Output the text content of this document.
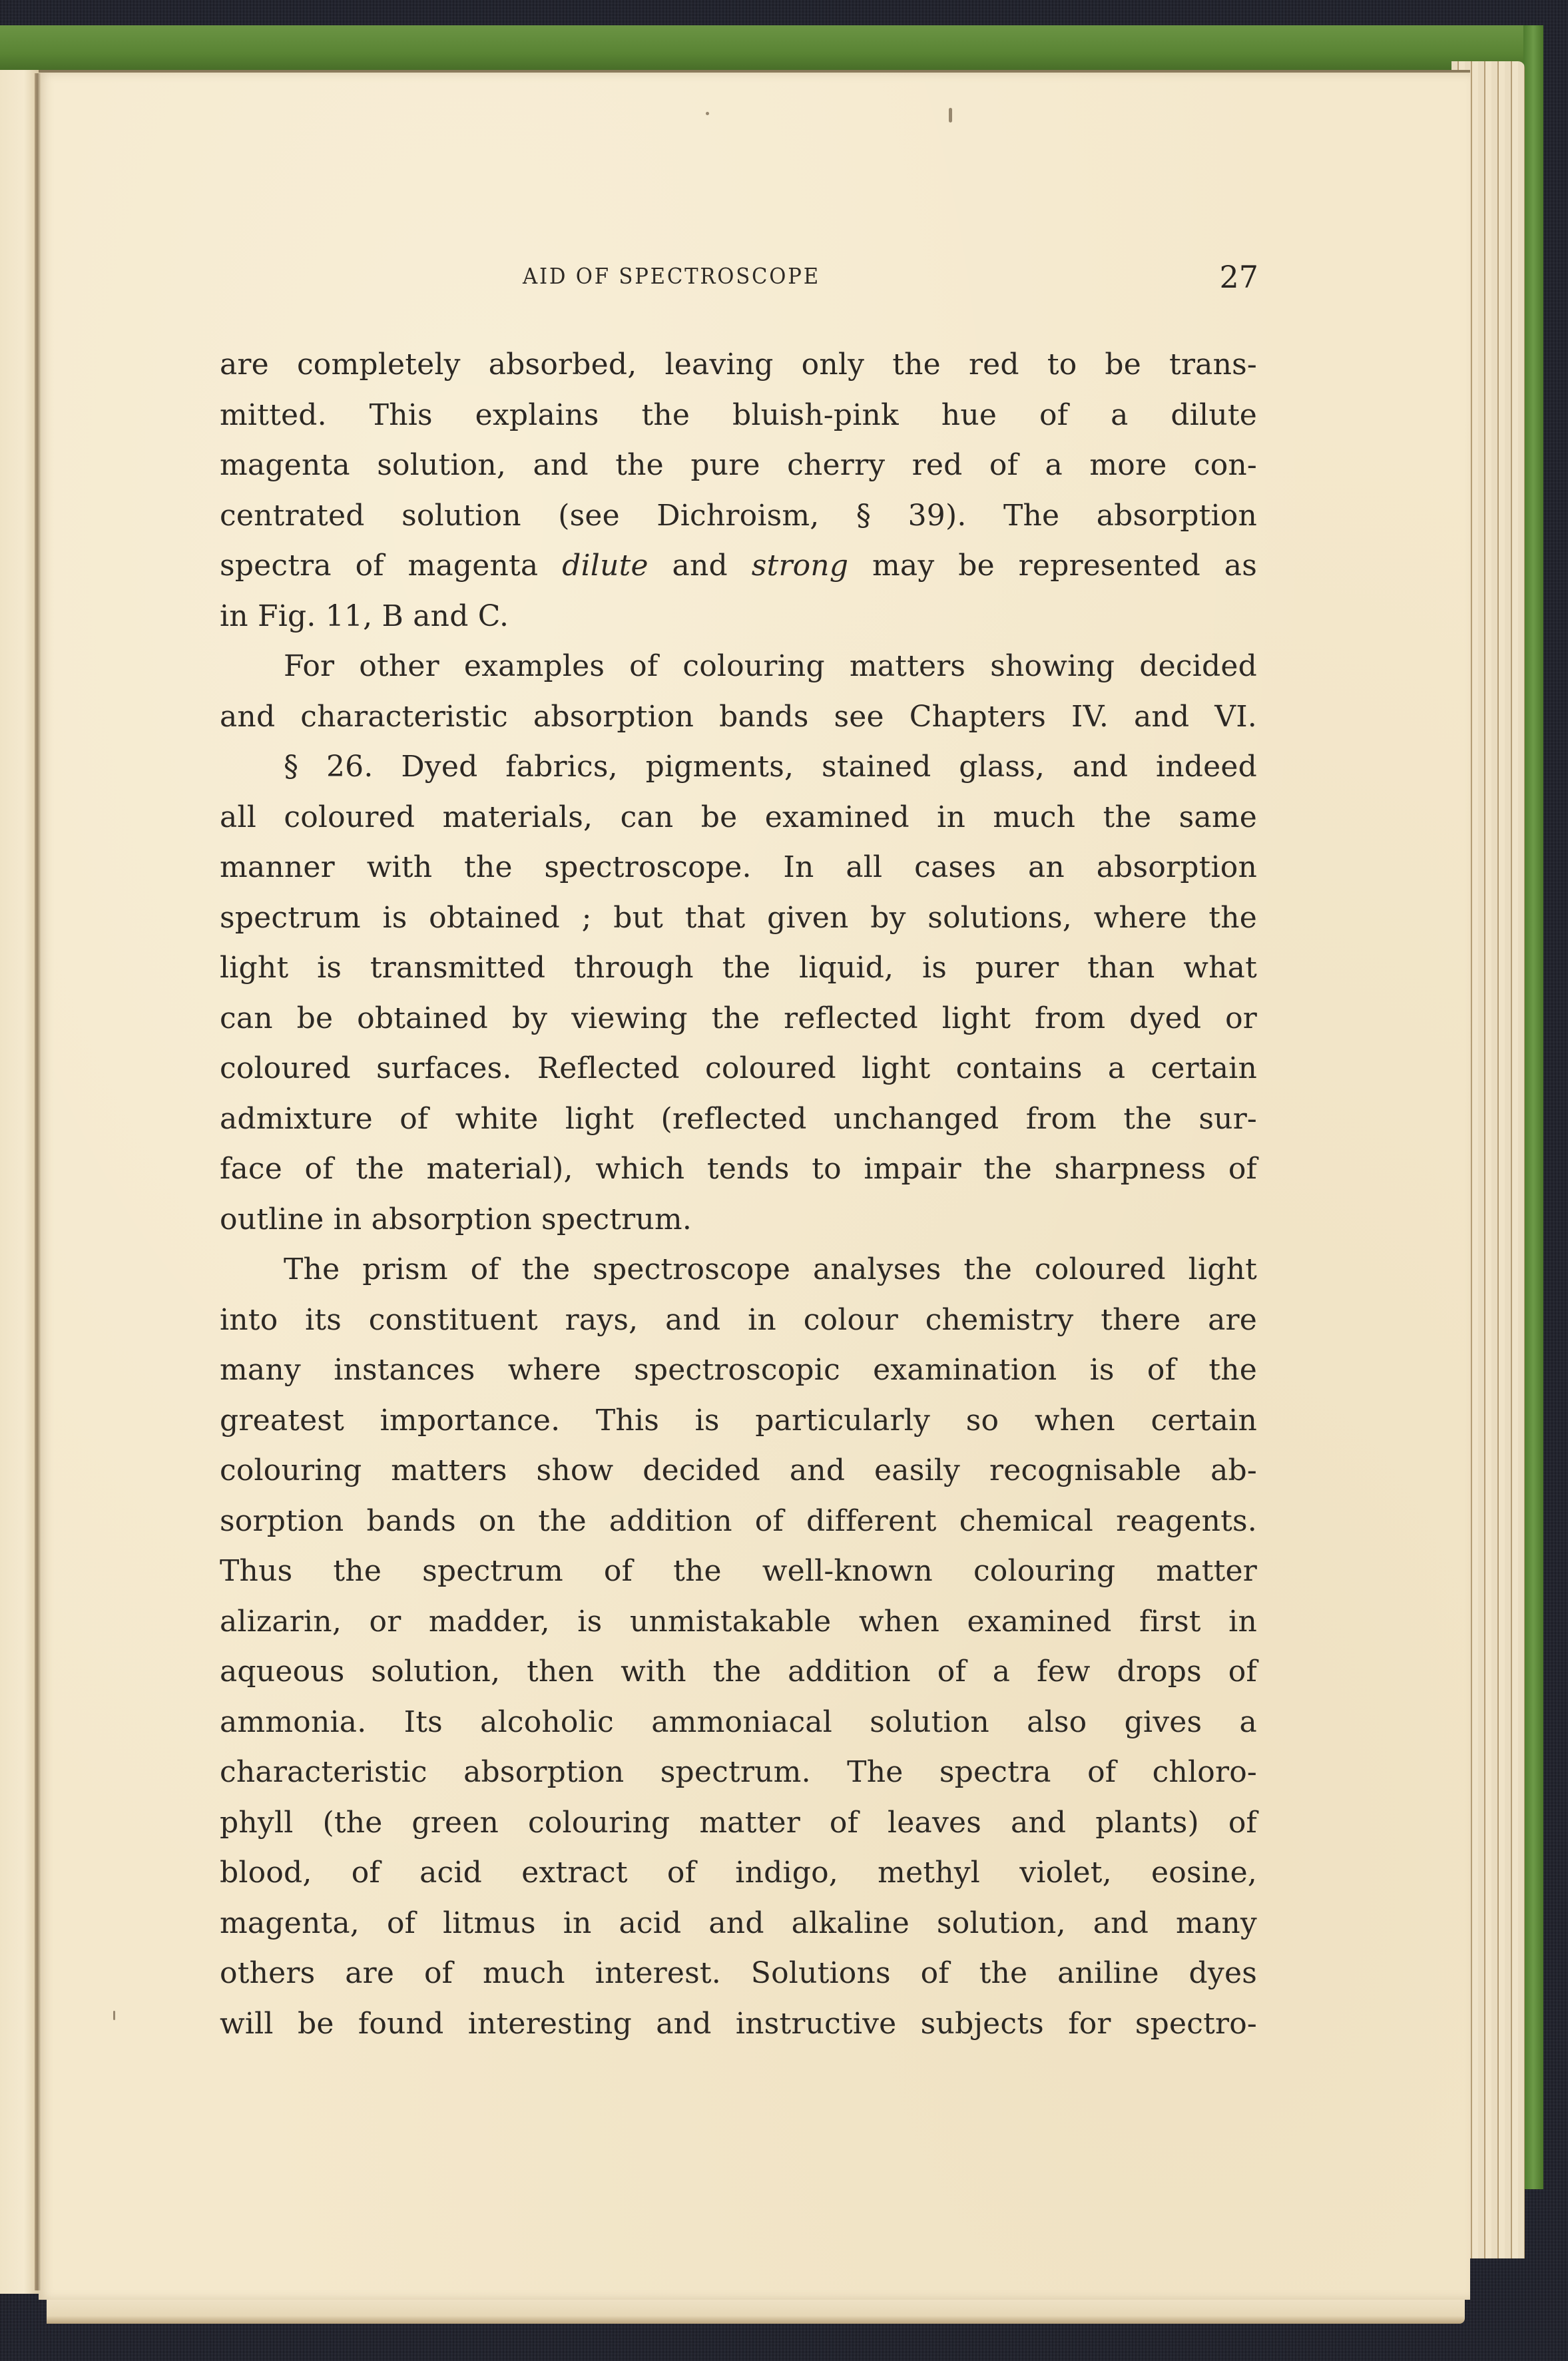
AID OF SPECTROSCOPE	27
are completely absorbed, leaving only the red to be trans-
mitted. This explains the bluish-pink hue of a dilute
magenta solution, and the pure cherry red of a more con-
centrated solution (see Dichroism, § 39). The absorption
spectra of magenta dilute and strong may be represented as
in Fig. 11, B and C.
For other examples of colouring matters showing decided
and characteristic absorption bands see Chapters IV. and VI.
§ 26. Dyed fabrics, pigments, stained glass, and indeed
all coloured materials, can be examined in much the same
manner with the spectroscope. In all cases an absorption
spectrum is obtained ; but that given by solutions, where the
light is transmitted through the liquid, is purer than what
can be obtained by viewing the reflected light from dyed or
coloured surfaces. Reflected coloured light contains a certain
admixture of white light (reflected unchanged from the sur-
face of the material), which tends to impair the sharpness of
outline in absorption spectrum.
The prism of the spectroscope analyses the coloured light
into its constituent rays, and in colour chemistry there are
many instances where spectroscopic examination is of the
greatest importance. This is particularly so when certain
colouring matters show decided and easily recognisable ab-
sorption bands on the addition of different chemical reagents.
Thus the spectrum of the well-known colouring matter
alizarin, or madder, is unmistakable when examined first in
aqueous solution, then with the addition of a few drops of
ammonia. Its alcoholic ammoniacal solution also gives a
characteristic absorption spectrum. The spectra of chloro-
phyll (the green colouring matter of leaves and plants) of
blood, of acid extract of indigo, methyl violet, eosine,
magenta, of litmus in acid and alkaline solution, and many
others are of much interest. Solutions of the aniline dyes
will be found interesting and instructive subjects for spectro-
